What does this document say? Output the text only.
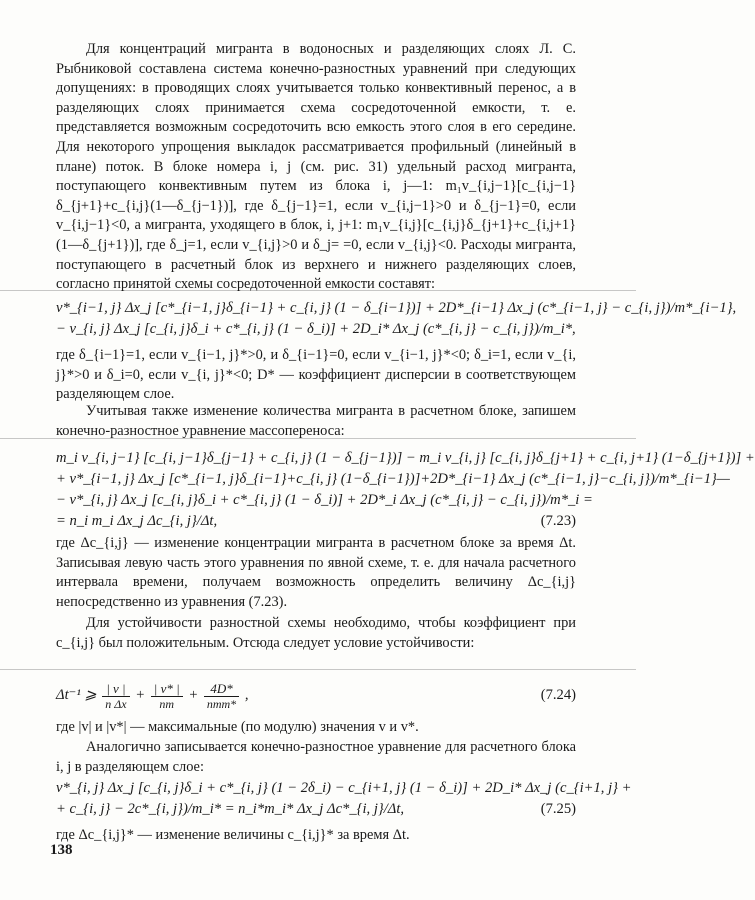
Для концентраций мигранта в водоносных и разделяющих слоях Л. С. Рыбниковой составлена система конечно-разностных уравнений при следующих допущениях: в проводящих слоях учитывается только конвективный перенос, а в разделяющих слоях принимается схема сосредоточенной емкости, т. е. представляется возможным сосредоточить всю емкость этого слоя в его середине. Для некоторого упрощения выкладок рассматривается профильный (линейный в плане) поток. В блоке номера i, j (см. рис. 31) удельный расход мигранта, поступающего конвективным путем из блока i, j—1: m₁v_{i,j−1}[c_{i,j−1}δ_{j+1}+c_{i,j}(1—δ_{j−1})], где δ_{j−1}=1, если v_{i,j−1}>0 и δ_{j−1}=0, если v_{i,j−1}<0, а мигранта, уходящего в блок, i, j+1: m₁v_{i,j}[c_{i,j}δ_{j+1}+c_{i,j+1}(1—δ_{j+1})], где δ_j=1, если v_{i,j}>0 и δ_j= =0, если v_{i,j}<0. Расходы мигранта, поступающего в расчетный блок из верхнего и нижнего разделяющих слоев, согласно принятой схемы сосредоточенной емкости составят:

v*_{i−1, j} Δx_j [c*_{i−1, j}δ_{i−1} + c_{i, j} (1 − δ_{i−1})] + 2D*_{i−1} Δx_j (c*_{i−1, j} − c_{i, j})/m*_{i−1},

− v_{i, j} Δx_j [c_{i, j}δ_i + c*_{i, j} (1 − δ_i)] + 2D_i* Δx_j (c*_{i, j} − c_{i, j})/m_i*,

где δ_{i−1}=1, если v_{i−1, j}*>0, и δ_{i−1}=0, если v_{i−1, j}*<0; δ_i=1, если v_{i, j}*>0 и δ_i=0, если v_{i, j}*<0; D* — коэффициент дисперсии в соответствующем разделяющем слое.

Учитывая также изменение количества мигранта в расчетном блоке, запишем конечно-разностное уравнение массопереноса:

m_i v_{i, j−1} [c_{i, j−1}δ_{j−1} + c_{i, j} (1 − δ_{j−1})] − m_i v_{i, j} [c_{i, j}δ_{j+1} + c_{i, j+1} (1−δ_{j+1})] +

+ v*_{i−1, j} Δx_j [c*_{i−1, j}δ_{i−1}+c_{i, j} (1−δ_{i−1})]+2D*_{i−1} Δx_j (c*_{i−1, j}−c_{i, j})/m*_{i−1}—

− v*_{i, j} Δx_j [c_{i, j}δ_i + c*_{i, j} (1 − δ_i)] + 2D*_i Δx_j (c*_{i, j} − c_{i, j})/m*_i =

= n_i m_i Δx_j Δc_{i, j}/Δt,	(7.23)

где Δc_{i,j} — изменение концентрации мигранта в расчетном блоке за время Δt. Записывая левую часть этого уравнения по явной схеме, т. е. для начала расчетного интервала времени, получаем возможность определить величину Δc_{i,j} непосредственно из уравнения (7.23).

Для устойчивости разностной схемы необходимо, чтобы коэффициент при c_{i,j} был положительным. Отсюда следует условие устойчивости:

Δt⁻¹ ⩾ $\frac{| v |}{\text{n Δx}} + \frac{| v* |}{nm} + \frac{4D*}{\text{nmm*}}$ ,	(7.24)

где |v| и |v*| — максимальные (по модулю) значения v и v*.

Аналогично записывается конечно-разностное уравнение для расчетного блока i, j в разделяющем слое:

v*_{i, j} Δx_j [c_{i, j}δ_i + c*_{i, j} (1 − 2δ_i) − c_{i+1, j} (1 − δ_i)] + 2D_i* Δx_j (c_{i+1, j} +

+ c_{i, j} − 2c*_{i, j})/m_i* = n_i*m_i* Δx_j Δc*_{i, j}/Δt,	(7.25)

где Δc_{i,j}* — изменение величины c_{i,j}* за время Δt.

138
